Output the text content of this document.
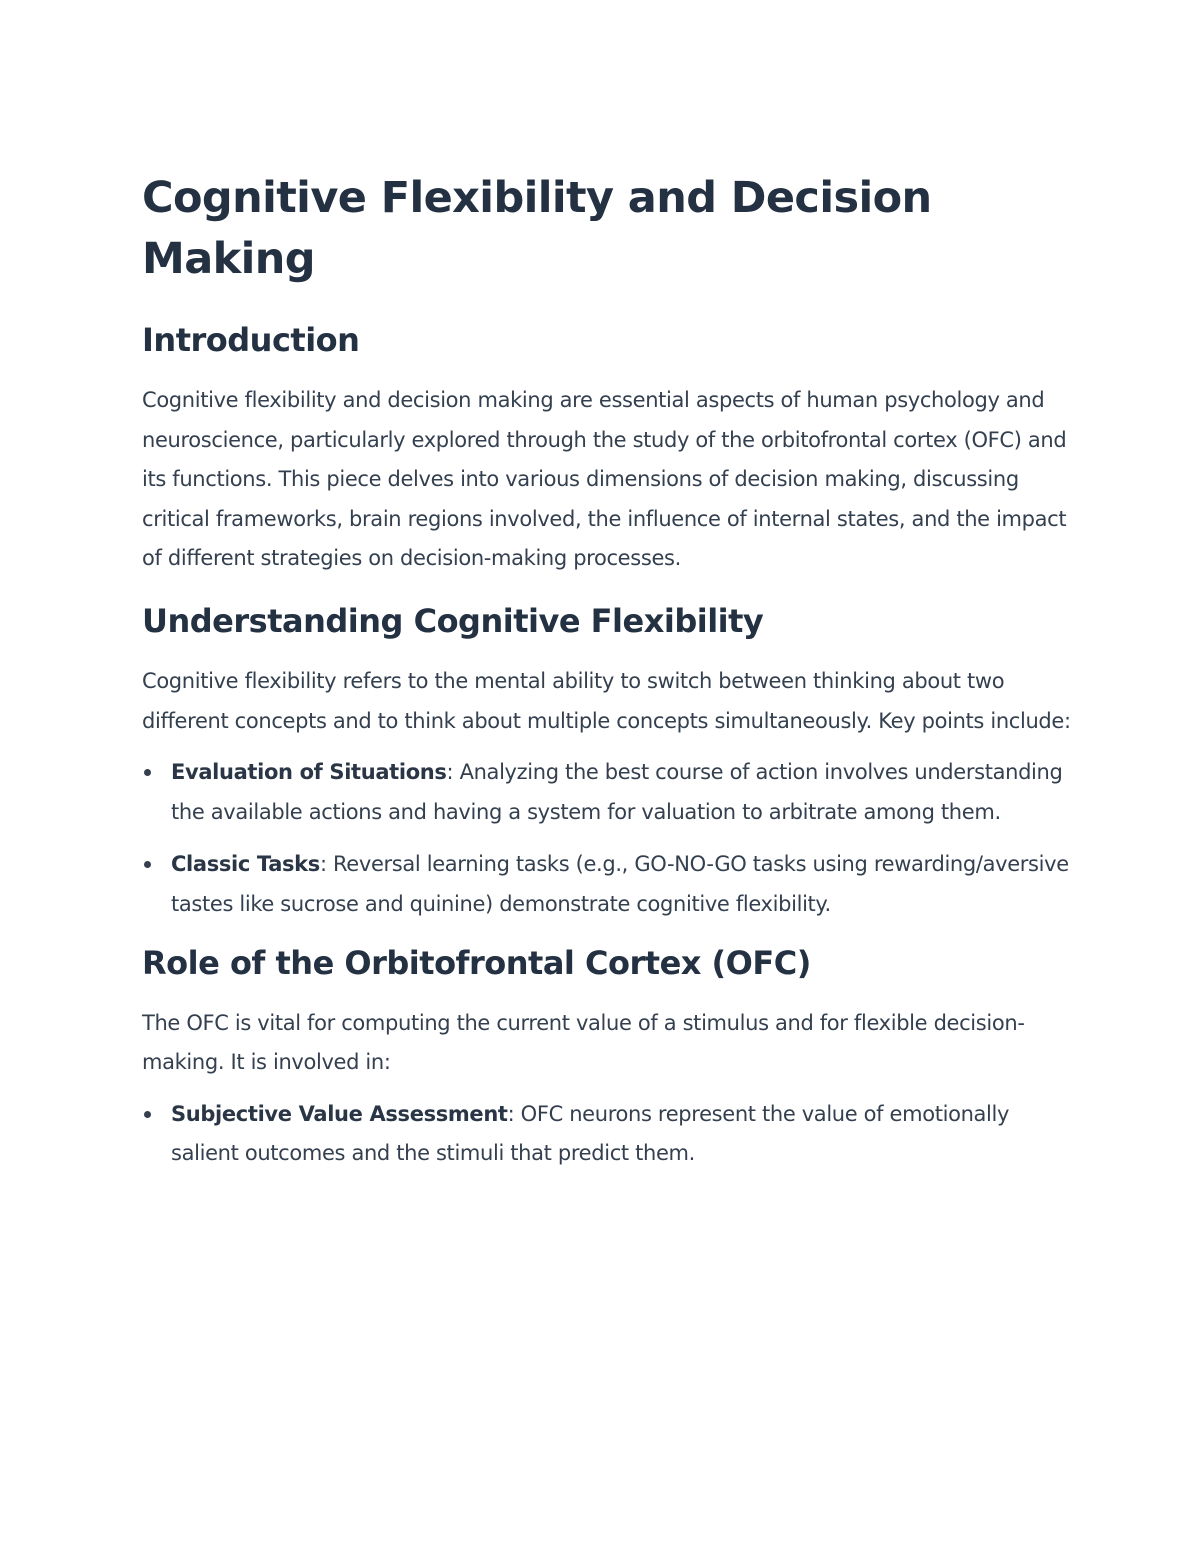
Cognitive Flexibility and Decision Making
Introduction

Cognitive flexibility and decision making are essential aspects of human psychology and neuroscience, particularly explored through the study of the orbitofrontal cortex (OFC) and its functions. This piece delves into various dimensions of decision making, discussing critical frameworks, brain regions involved, the influence of internal states, and the impact of different strategies on decision-making processes.

Understanding Cognitive Flexibility

Cognitive flexibility refers to the mental ability to switch between thinking about two different concepts and to think about multiple concepts simultaneously. Key points include:

Evaluation of Situations: Analyzing the best course of action involves understanding the available actions and having a system for valuation to arbitrate among them.
Classic Tasks: Reversal learning tasks (e.g., GO-NO-GO tasks using rewarding/aversive tastes like sucrose and quinine) demonstrate cognitive flexibility.
Role of the Orbitofrontal Cortex (OFC)

The OFC is vital for computing the current value of a stimulus and for flexible decision-making. It is involved in:

Subjective Value Assessment: OFC neurons represent the value of emotionally salient outcomes and the stimuli that predict them.
